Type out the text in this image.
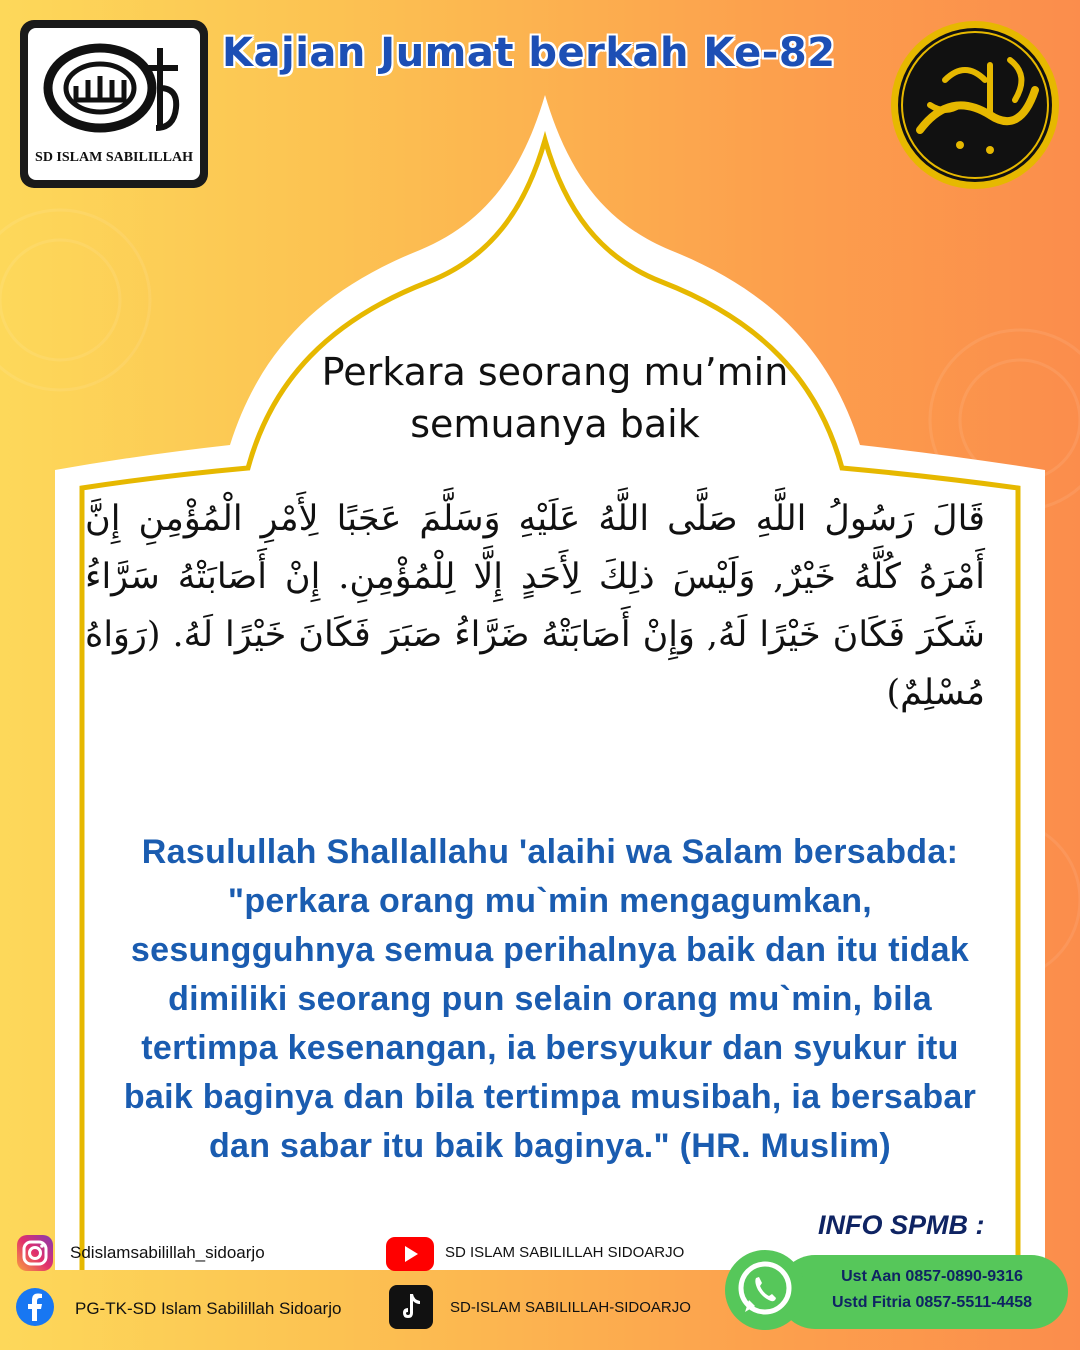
SD ISLAM SABILILLAH
Kajian Jumat berkah Ke-82
Perkara seorang mu’min
semuanya baik
قَالَ رَسُولُ اللَّهِ صَلَّى اللَّهُ عَلَيْهِ وَسَلَّمَ عَجَبًا لِأَمْرِ الْمُؤْمِنِ إِنَّ أَمْرَهُ كُلَّهُ خَيْرٌ, وَلَيْسَ ذلِكَ لِأَحَدٍ إِلَّا لِلْمُؤْمِنِ. إِنْ أَصَابَتْهُ سَرَّاءُ شَكَرَ فَكَانَ خَيْرًا لَهُ, وَإِنْ أَصَابَتْهُ ضَرَّاءُ صَبَرَ فَكَانَ خَيْرًا لَهُ. (رَوَاهُ مُسْلِمٌ)
Rasulullah Shallallahu 'alaihi wa Salam bersabda: "perkara orang mu`min mengagumkan, sesungguhnya semua perihalnya baik dan itu tidak dimiliki seorang pun selain orang mu`min, bila tertimpa kesenangan, ia bersyukur dan syukur itu baik baginya dan bila tertimpa musibah, ia bersabar dan sabar itu baik baginya." (HR. Muslim)
Sdislamsabilillah_sidoarjo
PG-TK-SD Islam Sabilillah Sidoarjo
SD ISLAM SABILILLAH SIDOARJO
SD-ISLAM SABILILLAH-SIDOARJO
INFO SPMB :
Ust Aan 0857-0890-9316
Ustd Fitria 0857-5511-4458
